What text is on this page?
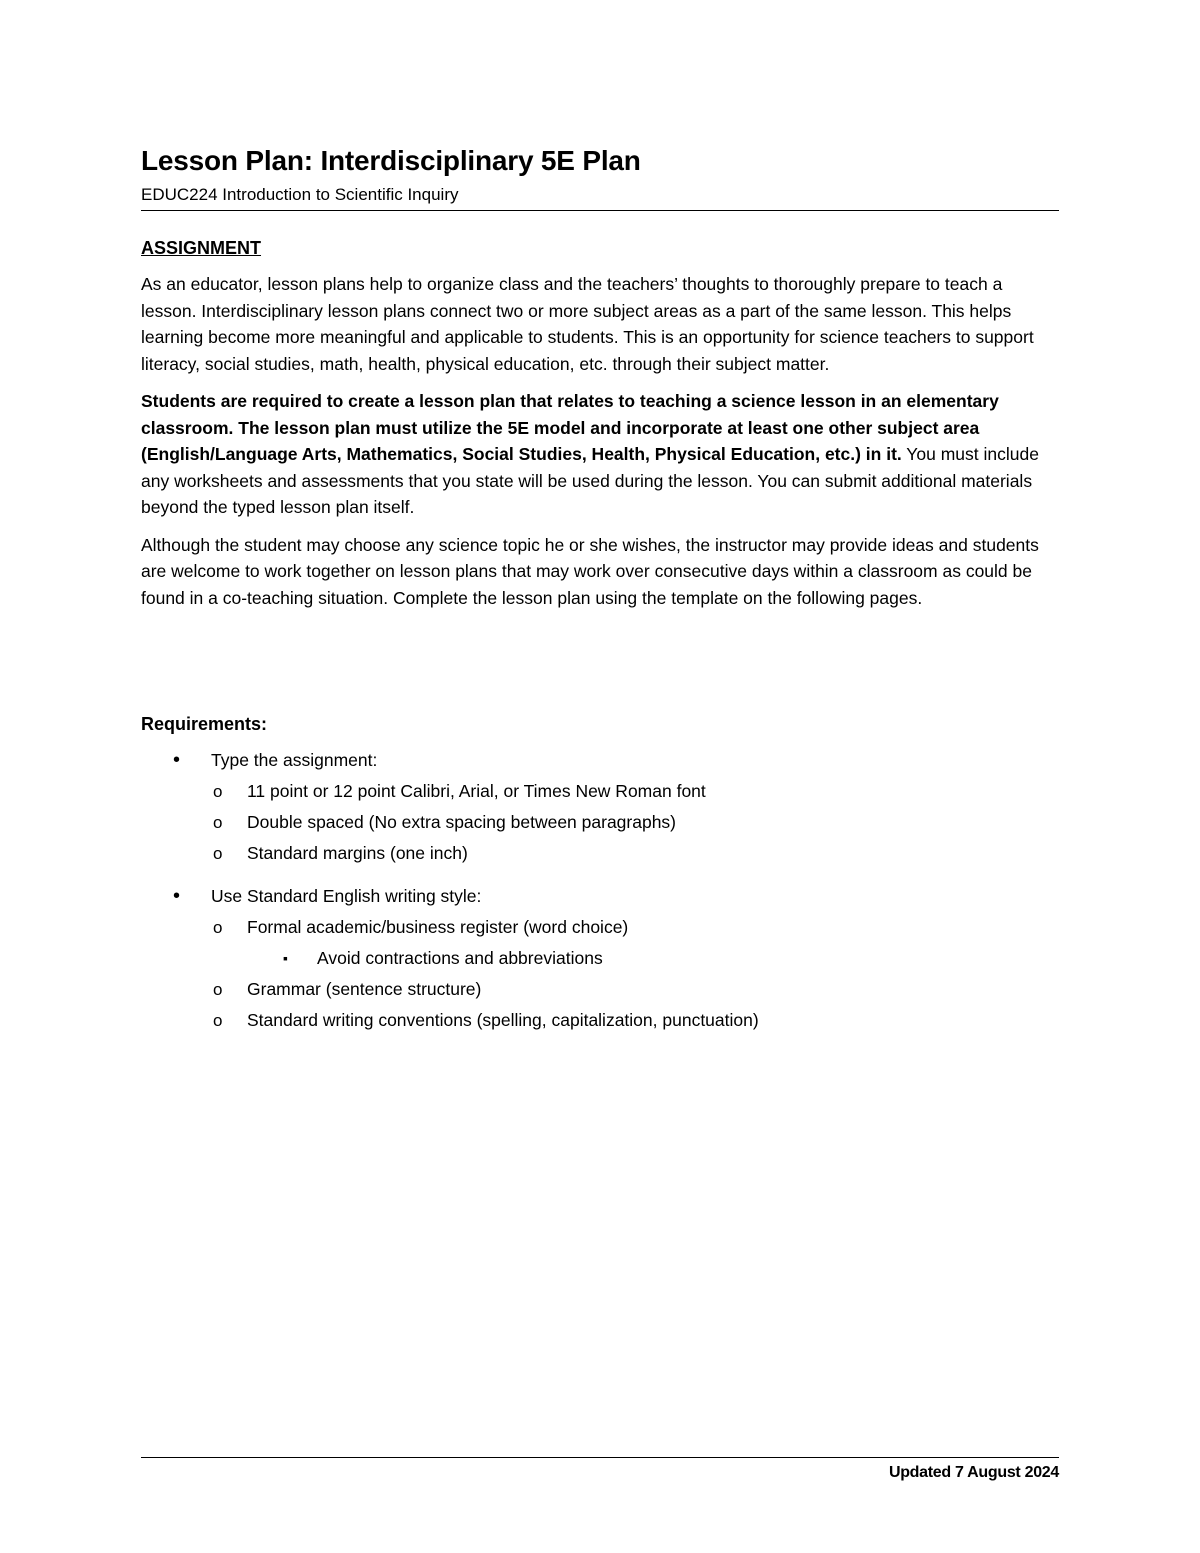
Lesson Plan: Interdisciplinary 5E Plan
EDUC224 Introduction to Scientific Inquiry
ASSIGNMENT

As an educator, lesson plans help to organize class and the teachers’ thoughts to thoroughly prepare to teach a lesson. Interdisciplinary lesson plans connect two or more subject areas as a part of the same lesson. This helps learning become more meaningful and applicable to students. This is an opportunity for science teachers to support literacy, social studies, math, health, physical education, etc. through their subject matter.

Students are required to create a lesson plan that relates to teaching a science lesson in an elementary classroom. The lesson plan must utilize the 5E model and incorporate at least one other subject area (English/Language Arts, Mathematics, Social Studies, Health, Physical Education, etc.) in it. You must include any worksheets and assessments that you state will be used during the lesson. You can submit additional materials beyond the typed lesson plan itself.

Although the student may choose any science topic he or she wishes, the instructor may provide ideas and students are welcome to work together on lesson plans that may work over consecutive days within a classroom as could be found in a co-teaching situation. Complete the lesson plan using the template on the following pages.

Requirements:
• Type the assignment:
o 11 point or 12 point Calibri, Arial, or Times New Roman font
o Double spaced (No extra spacing between paragraphs)
o Standard margins (one inch)
• Use Standard English writing style:
o Formal academic/business register (word choice)
▪ Avoid contractions and abbreviations
o Grammar (sentence structure)
o Standard writing conventions (spelling, capitalization, punctuation)
Updated 7 August 2024
